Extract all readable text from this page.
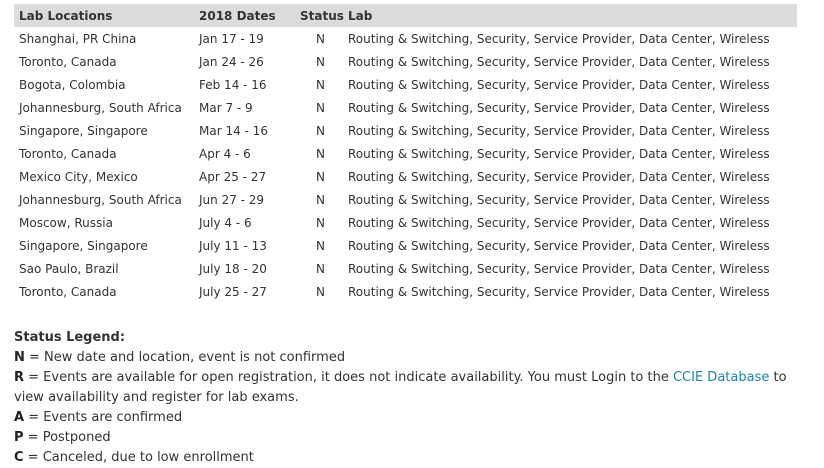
Lab Locations	2018 Dates	Status	Lab
Shanghai, PR China	Jan 17 - 19	N	Routing & Switching, Security, Service Provider, Data Center, Wireless
Toronto, Canada	Jan 24 - 26	N	Routing & Switching, Security, Service Provider, Data Center, Wireless
Bogota, Colombia	Feb 14 - 16	N	Routing & Switching, Security, Service Provider, Data Center, Wireless
Johannesburg, South Africa	Mar 7 - 9	N	Routing & Switching, Security, Service Provider, Data Center, Wireless
Singapore, Singapore	Mar 14 - 16	N	Routing & Switching, Security, Service Provider, Data Center, Wireless
Toronto, Canada	Apr 4 - 6	N	Routing & Switching, Security, Service Provider, Data Center, Wireless
Mexico City, Mexico	Apr 25 - 27	N	Routing & Switching, Security, Service Provider, Data Center, Wireless
Johannesburg, South Africa	Jun 27 - 29	N	Routing & Switching, Security, Service Provider, Data Center, Wireless
Moscow, Russia	July 4 - 6	N	Routing & Switching, Security, Service Provider, Data Center, Wireless
Singapore, Singapore	July 11 - 13	N	Routing & Switching, Security, Service Provider, Data Center, Wireless
Sao Paulo, Brazil	July 18 - 20	N	Routing & Switching, Security, Service Provider, Data Center, Wireless
Toronto, Canada	July 25 - 27	N	Routing & Switching, Security, Service Provider, Data Center, Wireless
Status Legend:
N = New date and location, event is not confirmed
R = Events are available for open registration, it does not indicate availability. You must Login to the CCIE Database to view availability and register for lab exams.
A = Events are confirmed
P = Postponed
C = Canceled, due to low enrollment
